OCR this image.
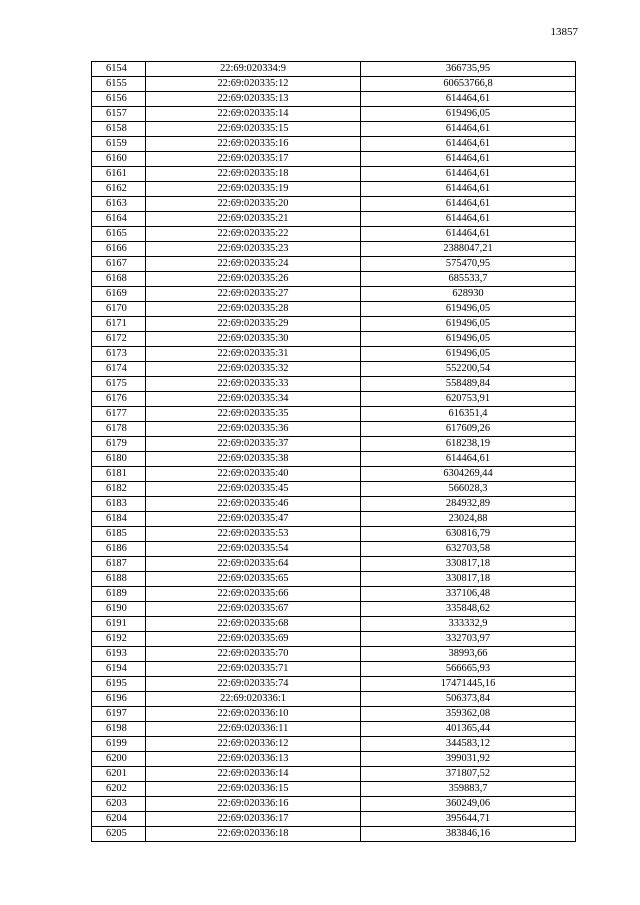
13857
6154	22:69:020334:9	366735,95
6155	22:69:020335:12	60653766,8
6156	22:69:020335:13	614464,61
6157	22:69:020335:14	619496,05
6158	22:69:020335:15	614464,61
6159	22:69:020335:16	614464,61
6160	22:69:020335:17	614464,61
6161	22:69:020335:18	614464,61
6162	22:69:020335:19	614464,61
6163	22:69:020335:20	614464,61
6164	22:69:020335:21	614464,61
6165	22:69:020335:22	614464,61
6166	22:69:020335:23	2388047,21
6167	22:69:020335:24	575470,95
6168	22:69:020335:26	685533,7
6169	22:69:020335:27	628930
6170	22:69:020335:28	619496,05
6171	22:69:020335:29	619496,05
6172	22:69:020335:30	619496,05
6173	22:69:020335:31	619496,05
6174	22:69:020335:32	552200,54
6175	22:69:020335:33	558489,84
6176	22:69:020335:34	620753,91
6177	22:69:020335:35	616351,4
6178	22:69:020335:36	617609,26
6179	22:69:020335:37	618238,19
6180	22:69:020335:38	614464,61
6181	22:69:020335:40	6304269,44
6182	22:69:020335:45	566028,3
6183	22:69:020335:46	284932,89
6184	22:69:020335:47	23024,88
6185	22:69:020335:53	630816,79
6186	22:69:020335:54	632703,58
6187	22:69:020335:64	330817,18
6188	22:69:020335:65	330817,18
6189	22:69:020335:66	337106,48
6190	22:69:020335:67	335848,62
6191	22:69:020335:68	333332,9
6192	22:69:020335:69	332703,97
6193	22:69:020335:70	38993,66
6194	22:69:020335:71	566665,93
6195	22:69:020335:74	17471445,16
6196	22:69:020336:1	506373,84
6197	22:69:020336:10	359362,08
6198	22:69:020336:11	401365,44
6199	22:69:020336:12	344583,12
6200	22:69:020336:13	399031,92
6201	22:69:020336:14	371807,52
6202	22:69:020336:15	359883,7
6203	22:69:020336:16	360249,06
6204	22:69:020336:17	395644,71
6205	22:69:020336:18	383846,16
